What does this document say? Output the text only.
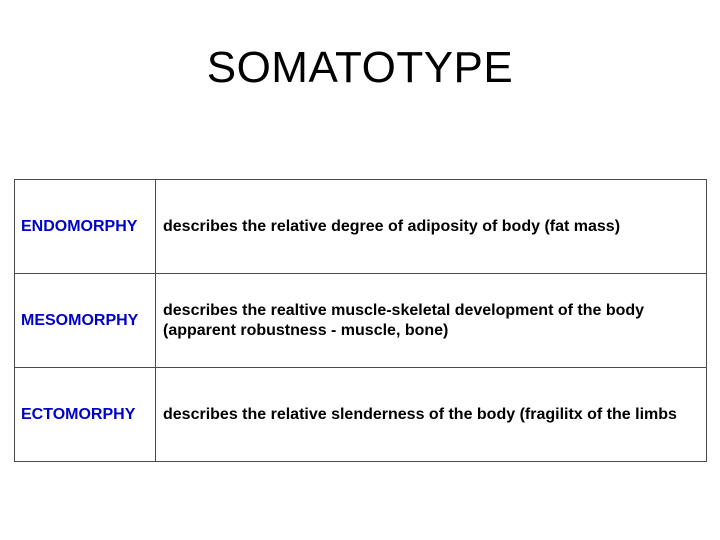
SOMATOTYPE
ENDOMORPHY	describes the relative degree of adiposity of body (fat mass)
MESOMORPHY	describes the realtive muscle-skeletal development of the body (apparent robustness - muscle, bone)
ECTOMORPHY	describes the relative slenderness of the body (fragilitx of the limbs
